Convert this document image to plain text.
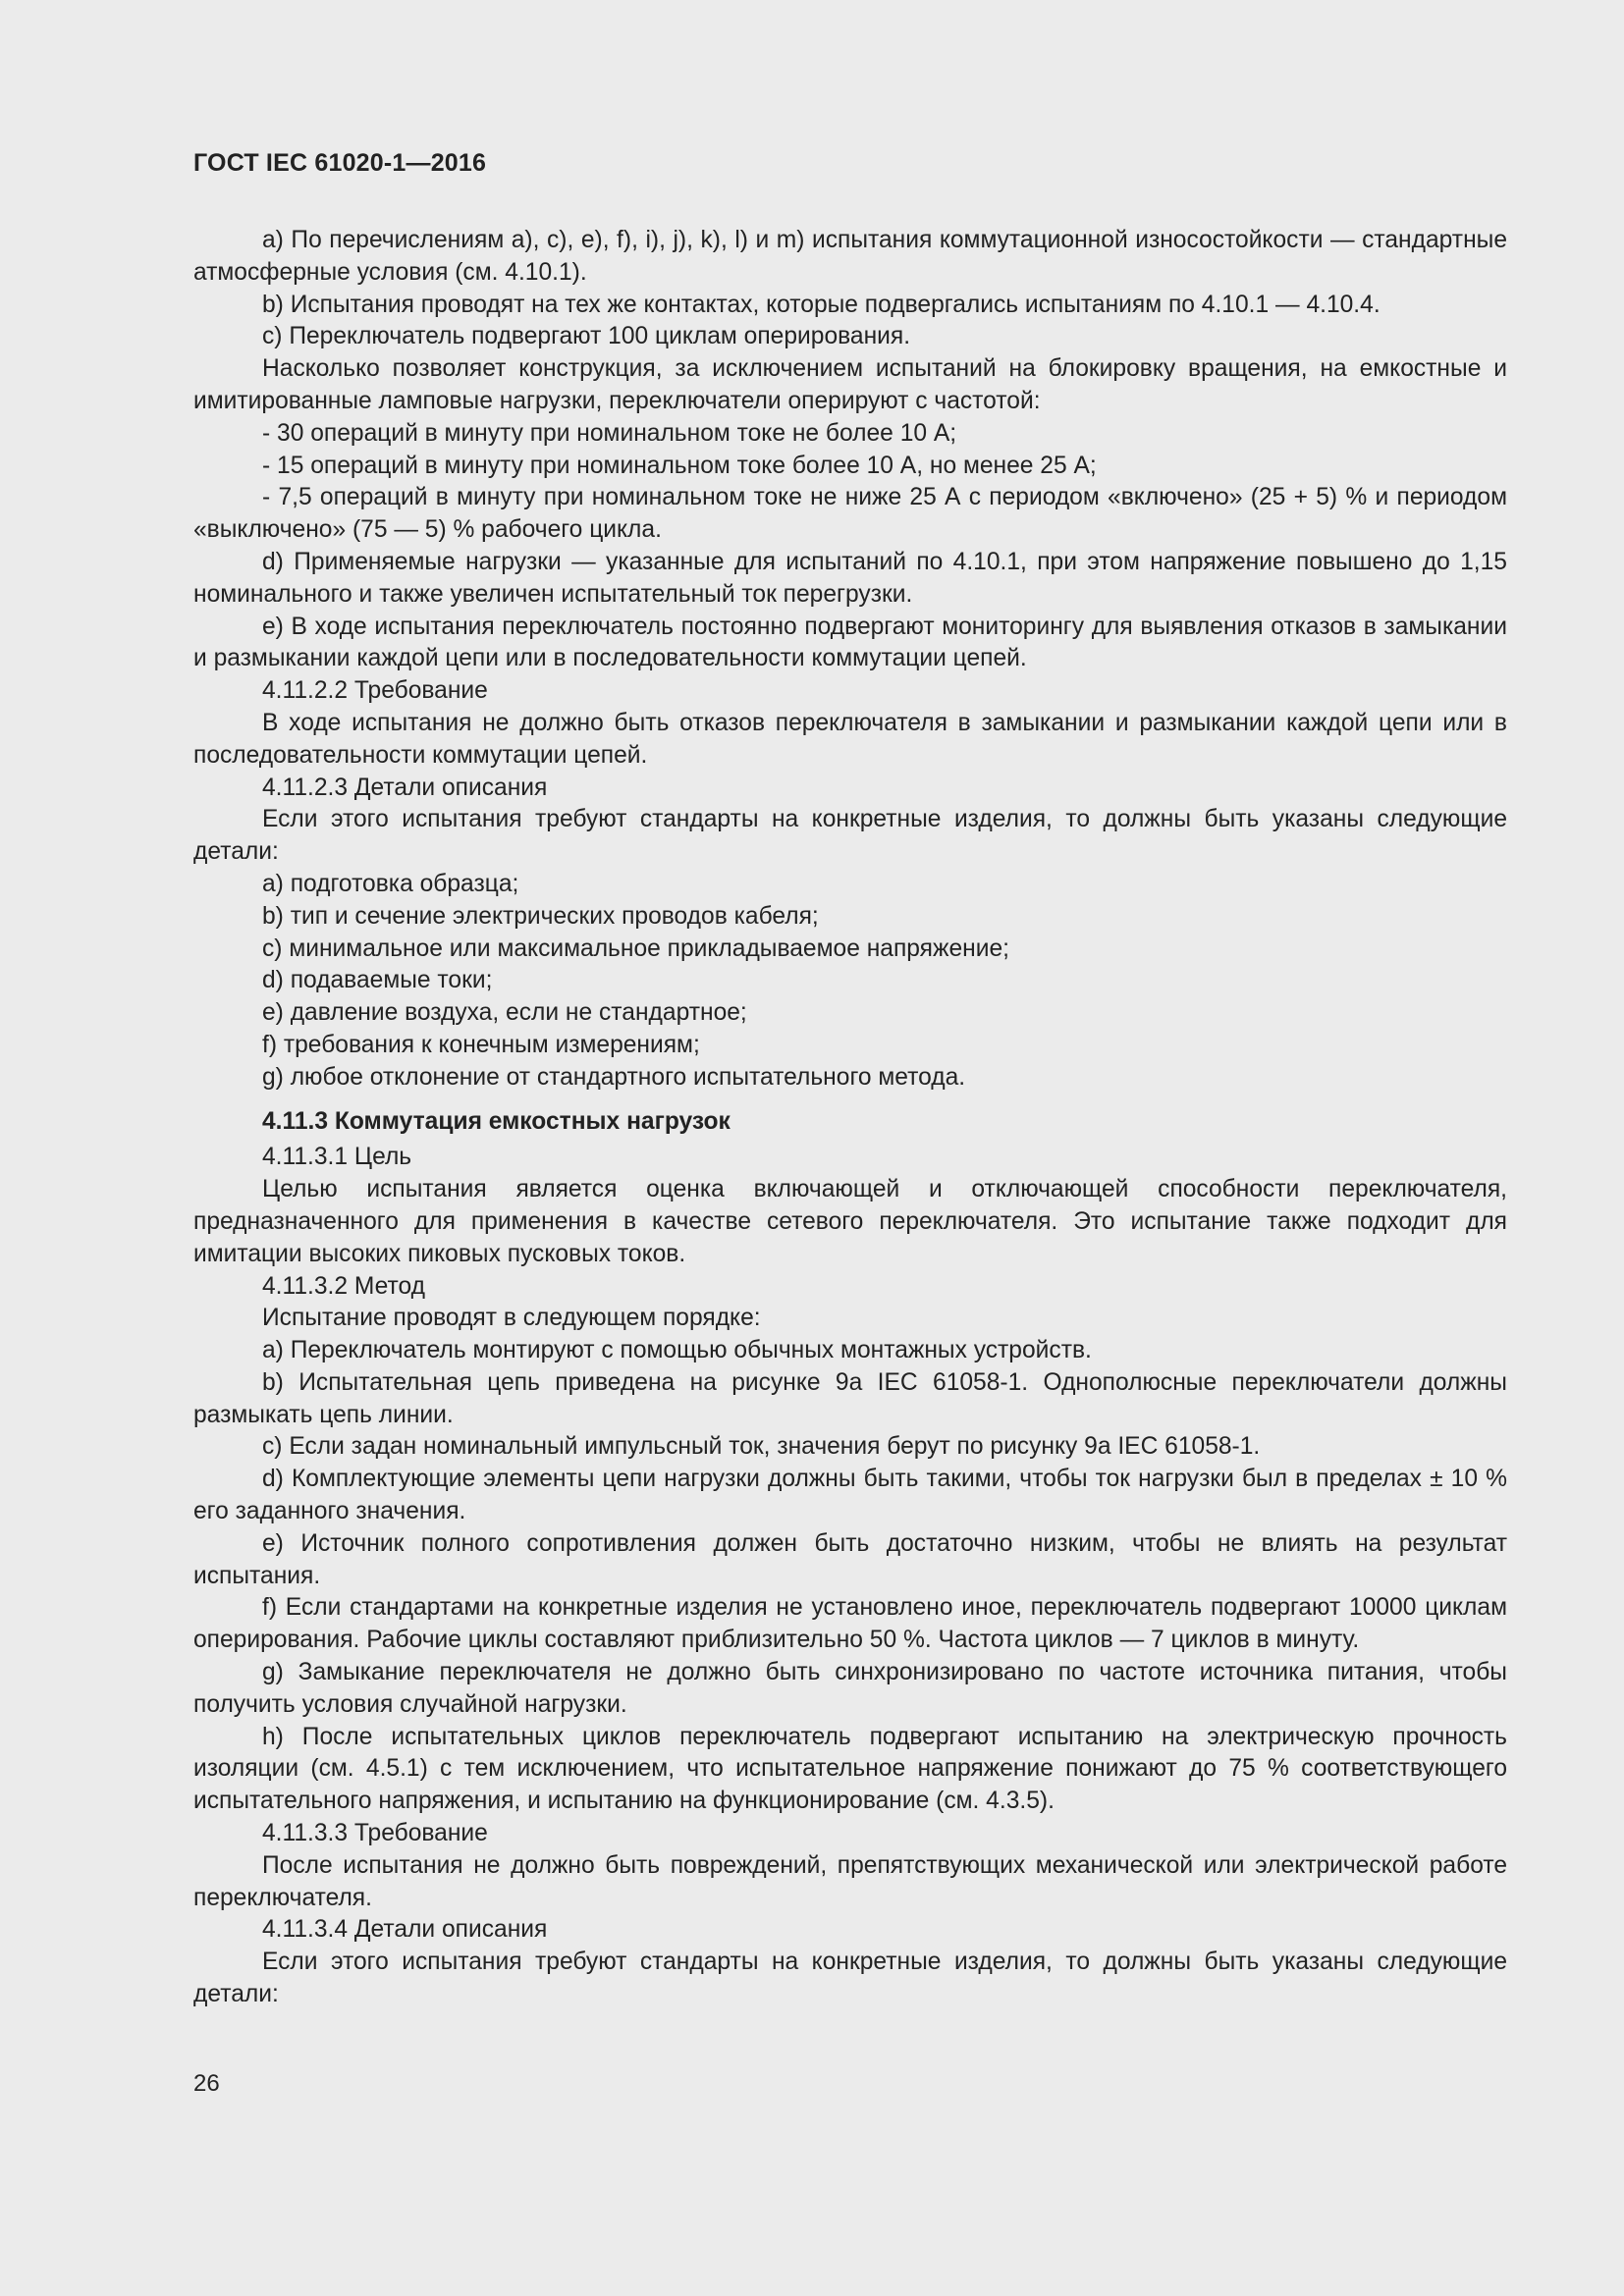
ГОСТ IEC 61020-1—2016

а) По перечислениям a), c), e), f), i), j), k), l) и m) испытания коммутационной износостойкости — стандартные атмосферные условия (см. 4.10.1).

b) Испытания проводят на тех же контактах, которые подвергались испытаниям по 4.10.1 — 4.10.4.

c) Переключатель подвергают 100 циклам оперирования.

Насколько позволяет конструкция, за исключением испытаний на блокировку вращения, на емкостные и имитированные ламповые нагрузки, переключатели оперируют с частотой:

- 30 операций в минуту при номинальном токе не более 10 А;

- 15 операций в минуту при номинальном токе более 10 А, но менее 25 А;

- 7,5 операций в минуту при номинальном токе не ниже 25 А с периодом «включено» (25 + 5) % и периодом «выключено» (75 — 5) % рабочего цикла.

d) Применяемые нагрузки — указанные для испытаний по 4.10.1, при этом напряжение повышено до 1,15 номинального и также увеличен испытательный ток перегрузки.

e) В ходе испытания переключатель постоянно подвергают мониторингу для выявления отказов в замыкании и размыкании каждой цепи или в последовательности коммутации цепей.

4.11.2.2 Требование

В ходе испытания не должно быть отказов переключателя в замыкании и размыкании каждой цепи или в последовательности коммутации цепей.

4.11.2.3 Детали описания

Если этого испытания требуют стандарты на конкретные изделия, то должны быть указаны следующие детали:

a) подготовка образца;

b) тип и сечение электрических проводов кабеля;

c) минимальное или максимальное прикладываемое напряжение;

d) подаваемые токи;

e) давление воздуха, если не стандартное;

f) требования к конечным измерениям;

g) любое отклонение от стандартного испытательного метода.

4.11.3 Коммутация емкостных нагрузок

4.11.3.1 Цель

Целью испытания является оценка включающей и отключающей способности переключателя, предназначенного для применения в качестве сетевого переключателя. Это испытание также подходит для имитации высоких пиковых пусковых токов.

4.11.3.2 Метод

Испытание проводят в следующем порядке:

a) Переключатель монтируют с помощью обычных монтажных устройств.

b) Испытательная цепь приведена на рисунке 9a IEC 61058-1. Однополюсные переключатели должны размыкать цепь линии.

c) Если задан номинальный импульсный ток, значения берут по рисунку 9a IEC 61058-1.

d) Комплектующие элементы цепи нагрузки должны быть такими, чтобы ток нагрузки был в пределах ± 10 % его заданного значения.

e) Источник полного сопротивления должен быть достаточно низким, чтобы не влиять на результат испытания.

f) Если стандартами на конкретные изделия не установлено иное, переключатель подвергают 10000 циклам оперирования. Рабочие циклы составляют приблизительно 50 %. Частота циклов — 7 циклов в минуту.

g) Замыкание переключателя не должно быть синхронизировано по частоте источника питания, чтобы получить условия случайной нагрузки.

h) После испытательных циклов переключатель подвергают испытанию на электрическую прочность изоляции (см. 4.5.1) с тем исключением, что испытательное напряжение понижают до 75 % соответствующего испытательного напряжения, и испытанию на функционирование (см. 4.3.5).

4.11.3.3 Требование

После испытания не должно быть повреждений, препятствующих механической или электрической работе переключателя.

4.11.3.4 Детали описания

Если этого испытания требуют стандарты на конкретные изделия, то должны быть указаны следующие детали:

26
